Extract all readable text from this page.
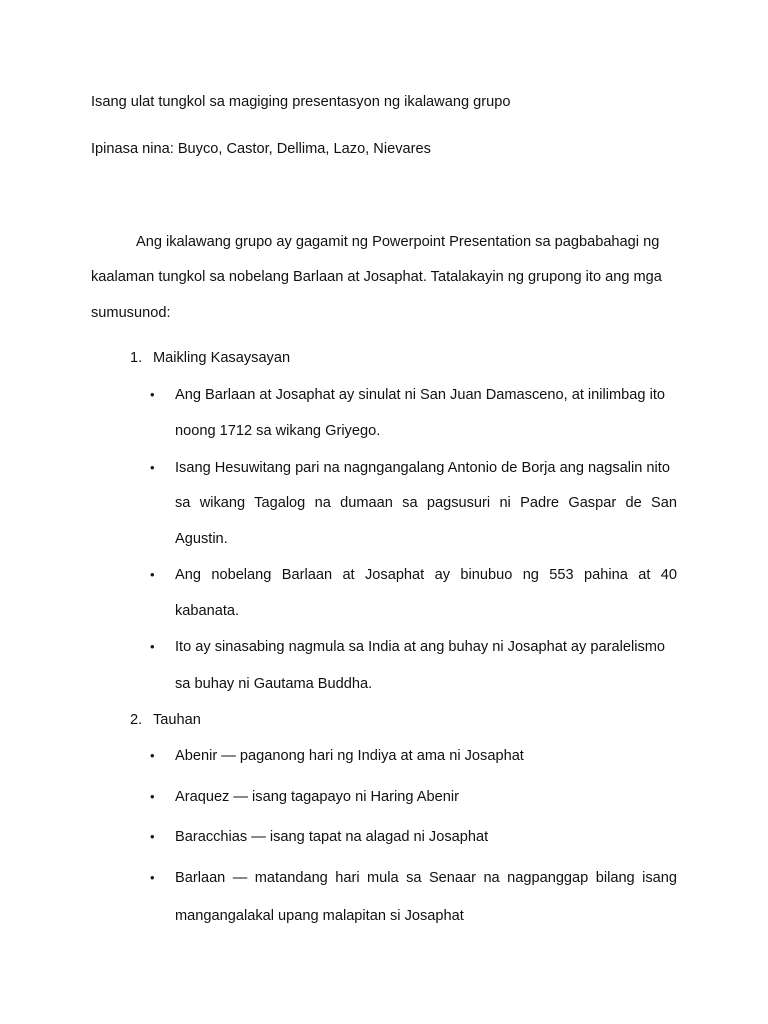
Isang ulat tungkol sa magiging presentasyon ng ikalawang grupo
Ipinasa nina: Buyco, Castor, Dellima, Lazo, Nievares
Ang ikalawang grupo ay gagamit ng Powerpoint Presentation sa pagbabahagi ng
kaalaman tungkol sa nobelang Barlaan at Josaphat. Tatalakayin ng grupong ito ang mga
sumusunod:
1. Maikling Kasaysayan
•	Ang Barlaan at Josaphat ay sinulat ni San Juan Damasceno, at inilimbag ito
noong 1712 sa wikang Griyego.
•	Isang Hesuwitang pari na nagngangalang Antonio de Borja ang nagsalin nito
sa wikang Tagalog na dumaan sa pagsusuri ni Padre Gaspar de San
Agustin.
•	Ang nobelang Barlaan at Josaphat ay binubuo ng 553 pahina at 40
kabanata.
•	Ito ay sinasabing nagmula sa India at ang buhay ni Josaphat ay paralelismo
sa buhay ni Gautama Buddha.
2. Tauhan
•	Abenir — paganong hari ng Indiya at ama ni Josaphat
•	Araquez — isang tagapayo ni Haring Abenir
•	Baracchias — isang tapat na alagad ni Josaphat
•	Barlaan — matandang hari mula sa Senaar na nagpanggap bilang isang
mangangalakal upang malapitan si Josaphat
